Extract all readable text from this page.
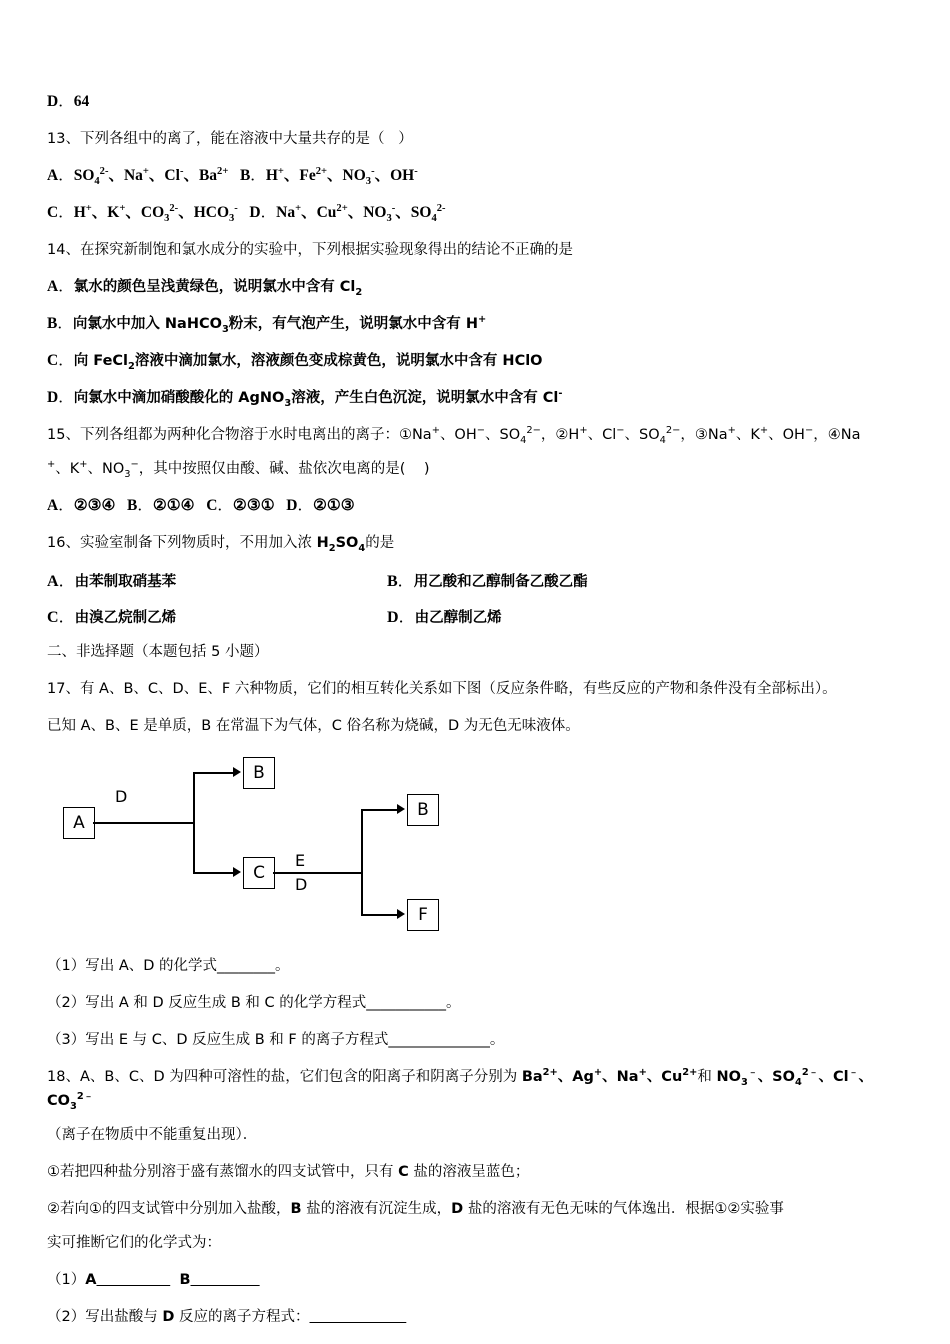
D．64

13、下列各组中的离了，能在溶液中大量共存的是（   ）

A．$SO_4^{2-}$、Na+、Cl-、$Ba^{2+}$   B．H+、$Fe^{2+}$、$NO_3^-$、OH-

C．H+、K+、$CO_3^{2-}$、$HCO_3^-$   D．Na+、$Cu^{2+}$、$NO_3^-$、$SO_4^{2-}$

14、在探究新制饱和氯水成分的实验中，下列根据实验现象得出的结论不正确的是

A．氯水的颜色呈浅黄绿色，说明氯水中含有 $Cl_2$

B．向氯水中加入 NaHCO$_3$粉末，有气泡产生，说明氯水中含有 H+

C．向 FeCl$_2$溶液中滴加氯水，溶液颜色变成棕黄色，说明氯水中含有 HClO

D．向氯水中滴加硝酸酸化的 AgNO$_3$溶液，产生白色沉淀，说明氯水中含有 Cl-

15、下列各组都为两种化合物溶于水时电离出的离子：①Na+、OH−、$SO_4^{2-}$，②H+、Cl−、$SO_4^{2-}$，③Na+、K+、OH−，④Na

+、K+、$NO_3^-$，其中按照仅由酸、碱、盐依次电离的是(    )

A．②③④   B．②①④   C．②③①   D．②①③

16、实验室制备下列物质时，不用加入浓 $H_2SO_4$的是

A．由苯制取硝基苯	B．用乙酸和乙醇制备乙酸乙酯
C．由溴乙烷制乙烯	D．由乙醇制乙烯

二、非选择题（本题包括 5 小题）

17、有 A、B、C、D、E、F 六种物质，它们的相互转化关系如下图（反应条件略，有些反应的产物和条件没有全部标出）。

已知 A、B、E 是单质，B 在常温下为气体，C 俗名称为烧碱，D 为无色无味液体。

A
D
B
C
E
D
B
F

（1）写出 A、D 的化学式________。

（2）写出 A 和 D 反应生成 B 和 C 的化学方程式___________。

（3）写出 E 与 C、D 反应生成 B 和 F 的离子方程式______________。

18、A、B、C、D 为四种可溶性的盐，它们包含的阳离子和阴离子分别为 $Ba^{2+}$、Ag+、Na+、$Cu^{2+}$和 $NO_3^﹣$、$SO_4^{2﹣}$、Cl﹣、$CO_3^{2﹣}$

（离子在物质中不能重复出现）．

①若把四种盐分别溶于盛有蒸馏水的四支试管中，只有 C 盐的溶液呈蓝色；

②若向①的四支试管中分别加入盐酸，B 盐的溶液有沉淀生成，D 盐的溶液有无色无味的气体逸出．根据①②实验事

实可推断它们的化学式为：

（1）A	B

（2）写出盐酸与 D 反应的离子方程式：
